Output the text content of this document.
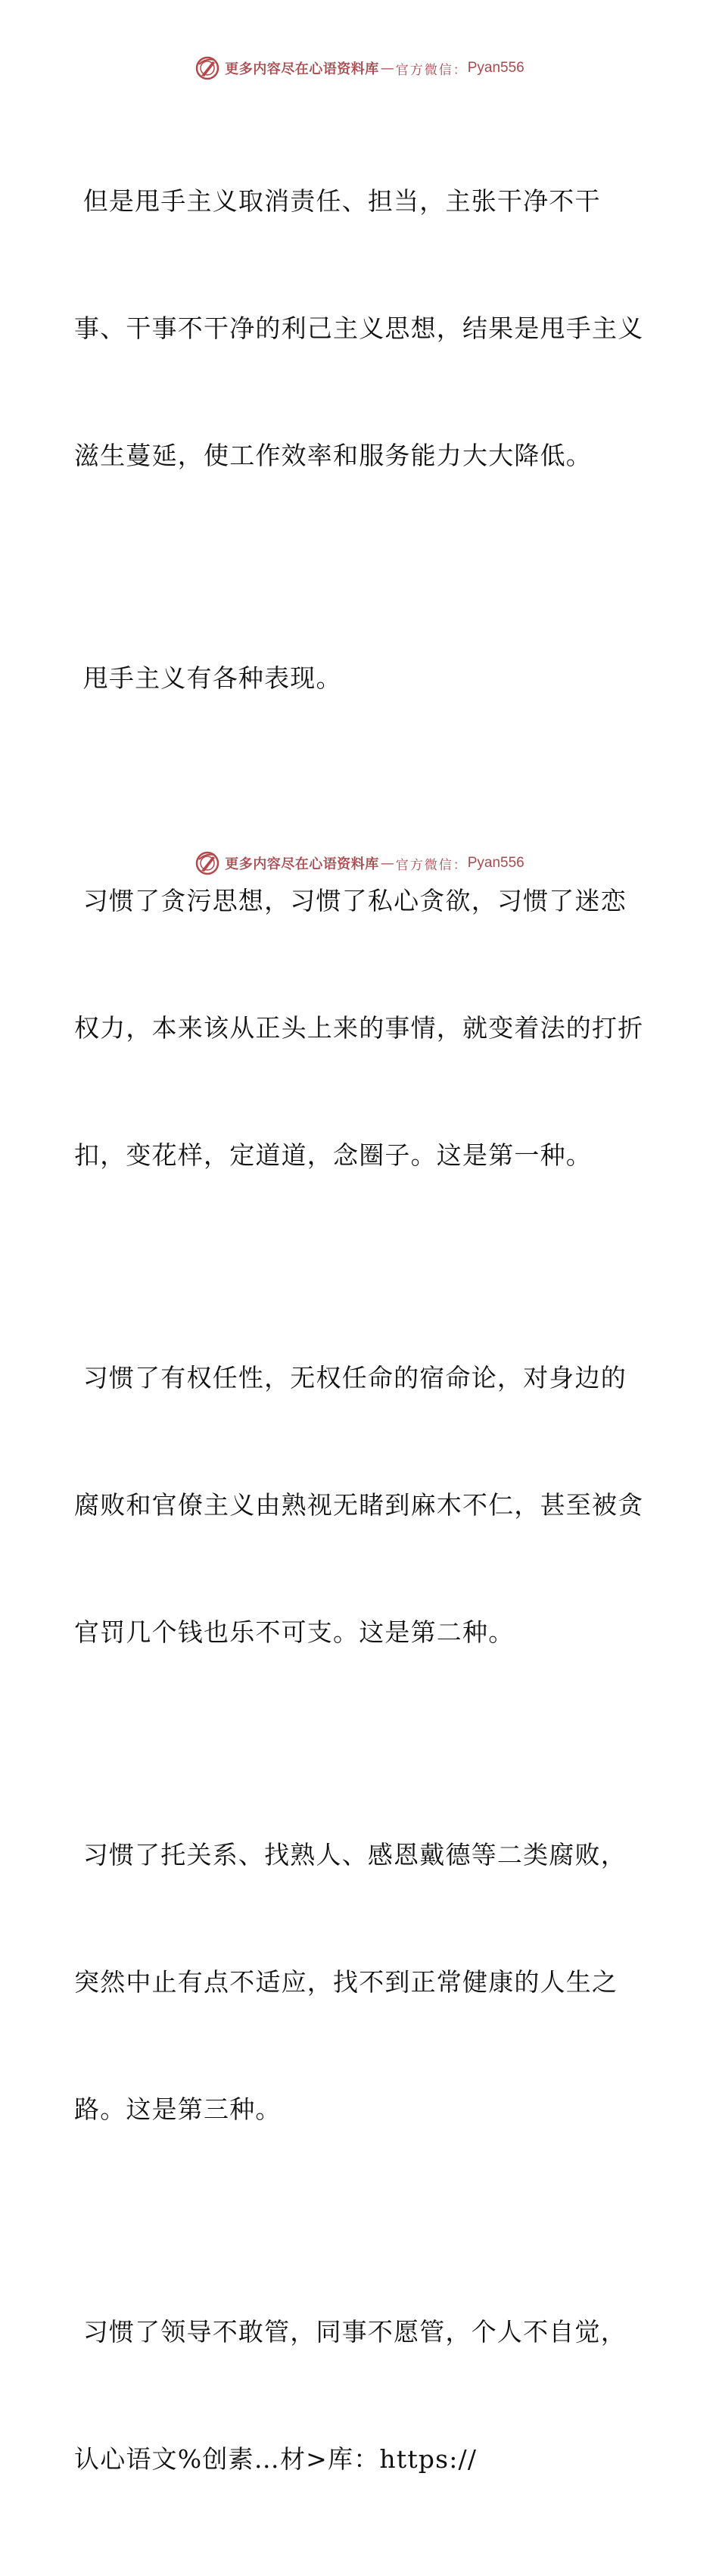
更多内容尽在心语资料库 — 官方微信： Pyan556

但是甩手主义取消责任、担当，主张干净不干

事、干事不干净的利己主义思想，结果是甩手主义

滋生蔓延，使工作效率和服务能力大大降低。

甩手主义有各种表现。

习惯了贪污思想，习惯了私心贪欲，习惯了迷恋

权力，本来该从正头上来的事情，就变着法的打折

扣，变花样，定道道，念圈子。这是第一种。

习惯了有权任性，无权任命的宿命论，对身边的

腐败和官僚主义由熟视无睹到麻木不仁，甚至被贪

官罚几个钱也乐不可支。这是第二种。

习惯了托关系、找熟人、感恩戴德等二类腐败，

突然中止有点不适应，找不到正常健康的人生之

路。这是第三种。

习惯了领导不敢管，同事不愿管，个人不自觉，

认心语文%创素…材>库：https://

更多内容尽在心语资料库 — 官方微信： Pyan556
